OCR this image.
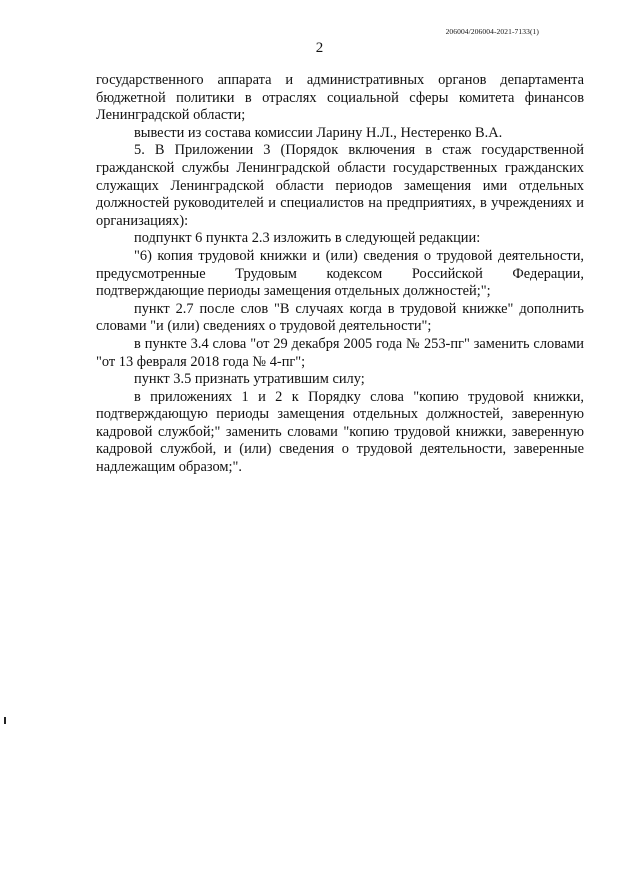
206004/206004-2021-7133(1)
2

государственного аппарата и административных органов департамента бюджетной политики в отраслях социальной сферы комитета финансов Ленинградской области;

вывести из состава комиссии Ларину Н.Л., Нестеренко В.А.

5. В Приложении 3 (Порядок включения в стаж государственной гражданской службы Ленинградской области государственных гражданских служащих Ленинградской области периодов замещения ими отдельных должностей руководителей и специалистов на предприятиях, в учреждениях и организациях):

подпункт 6 пункта 2.3 изложить в следующей редакции:

"6) копия трудовой книжки и (или) сведения о трудовой деятельности, предусмотренные Трудовым кодексом Российской Федерации, подтверждающие периоды замещения отдельных должностей;";

пункт 2.7 после слов "В случаях когда в трудовой книжке" дополнить словами "и (или) сведениях о трудовой деятельности";

в пункте 3.4 слова "от 29 декабря 2005 года № 253-пг" заменить словами "от 13 февраля 2018 года № 4-пг";

пункт 3.5 признать утратившим силу;

в приложениях 1 и 2 к Порядку слова "копию трудовой книжки, подтверждающую периоды замещения отдельных должностей, заверенную кадровой службой;" заменить словами "копию трудовой книжки, заверенную кадровой службой, и (или) сведения о трудовой деятельности, заверенные надлежащим образом;".
